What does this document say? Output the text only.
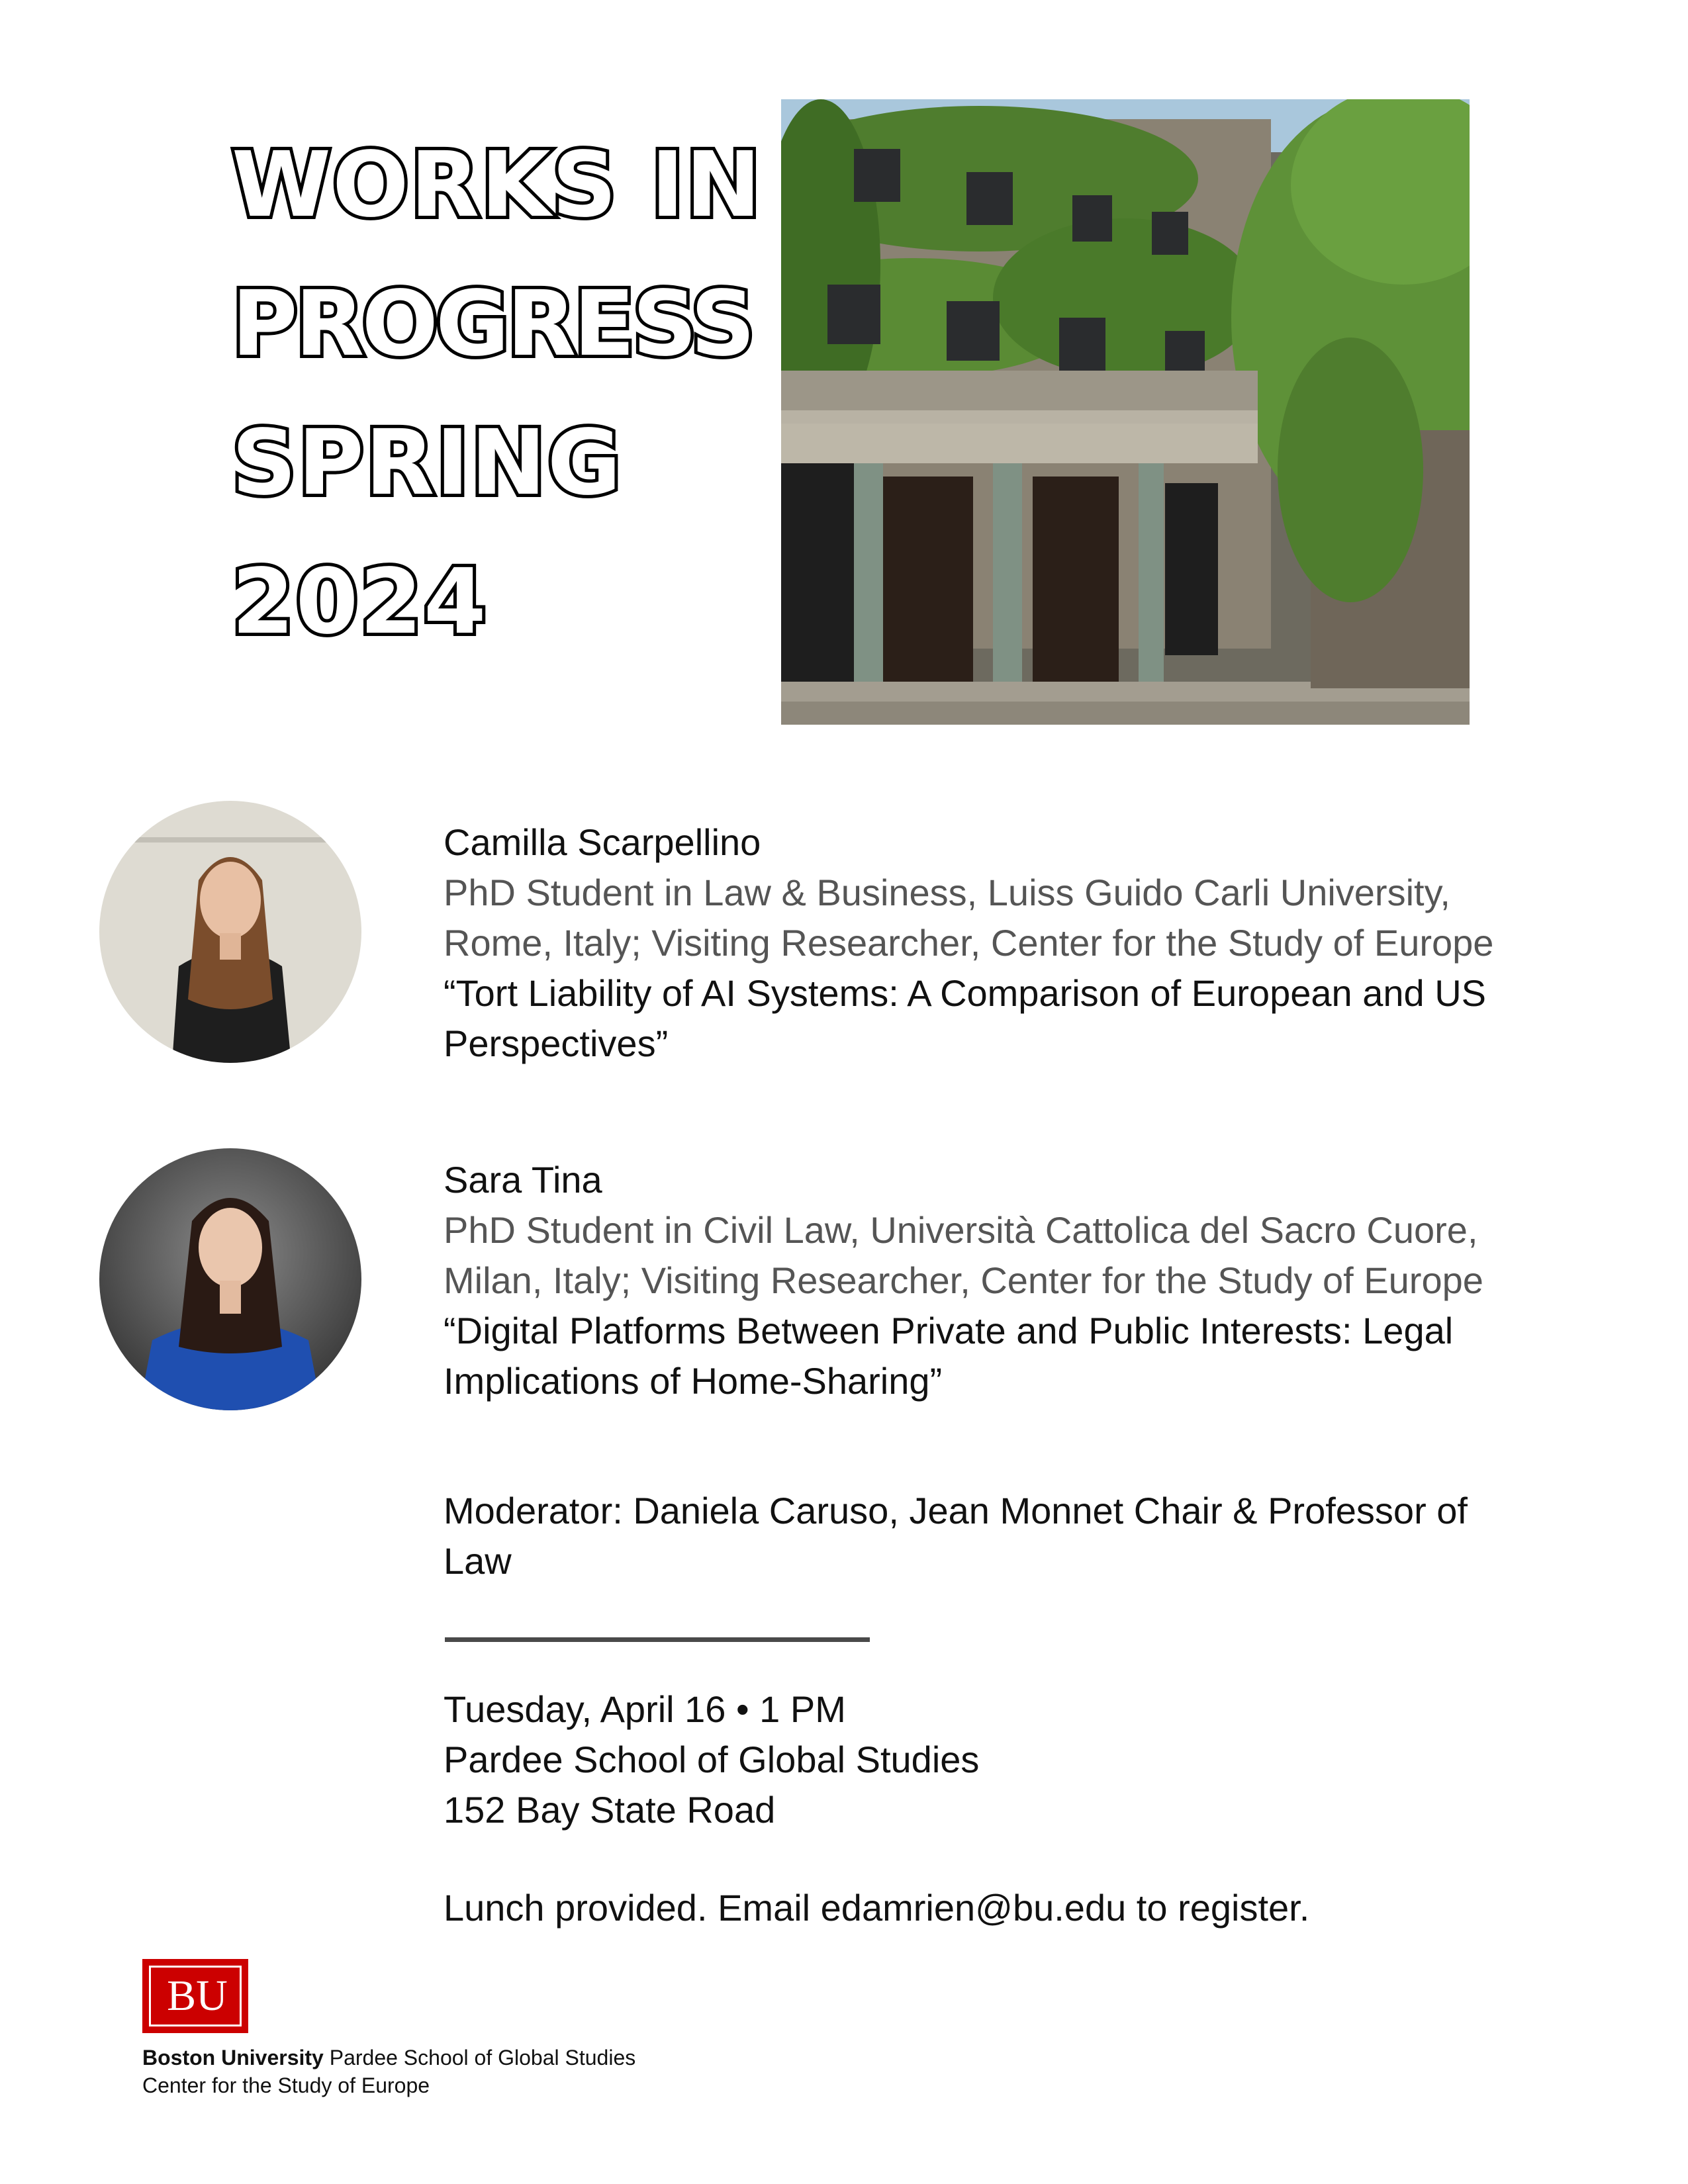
WORKS IN
PROGRESS
SPRING
2024
Camilla Scarpellino
PhD Student in Law & Business, Luiss Guido Carli University,
Rome, Italy; Visiting Researcher, Center for the Study of Europe
“Tort Liability of AI Systems: A Comparison of European and US
Perspectives”
Sara Tina
PhD Student in Civil Law, Università Cattolica del Sacro Cuore,
Milan, Italy; Visiting Researcher, Center for the Study of Europe
“Digital Platforms Between Private and Public Interests: Legal
Implications of Home-Sharing”
Moderator: Daniela Caruso, Jean Monnet Chair & Professor of
Law
Tuesday, April 16 • 1 PM
Pardee School of Global Studies
152 Bay State Road
Lunch provided. Email edamrien@bu.edu to register.
BU
Boston University Pardee School of Global Studies
Center for the Study of Europe
